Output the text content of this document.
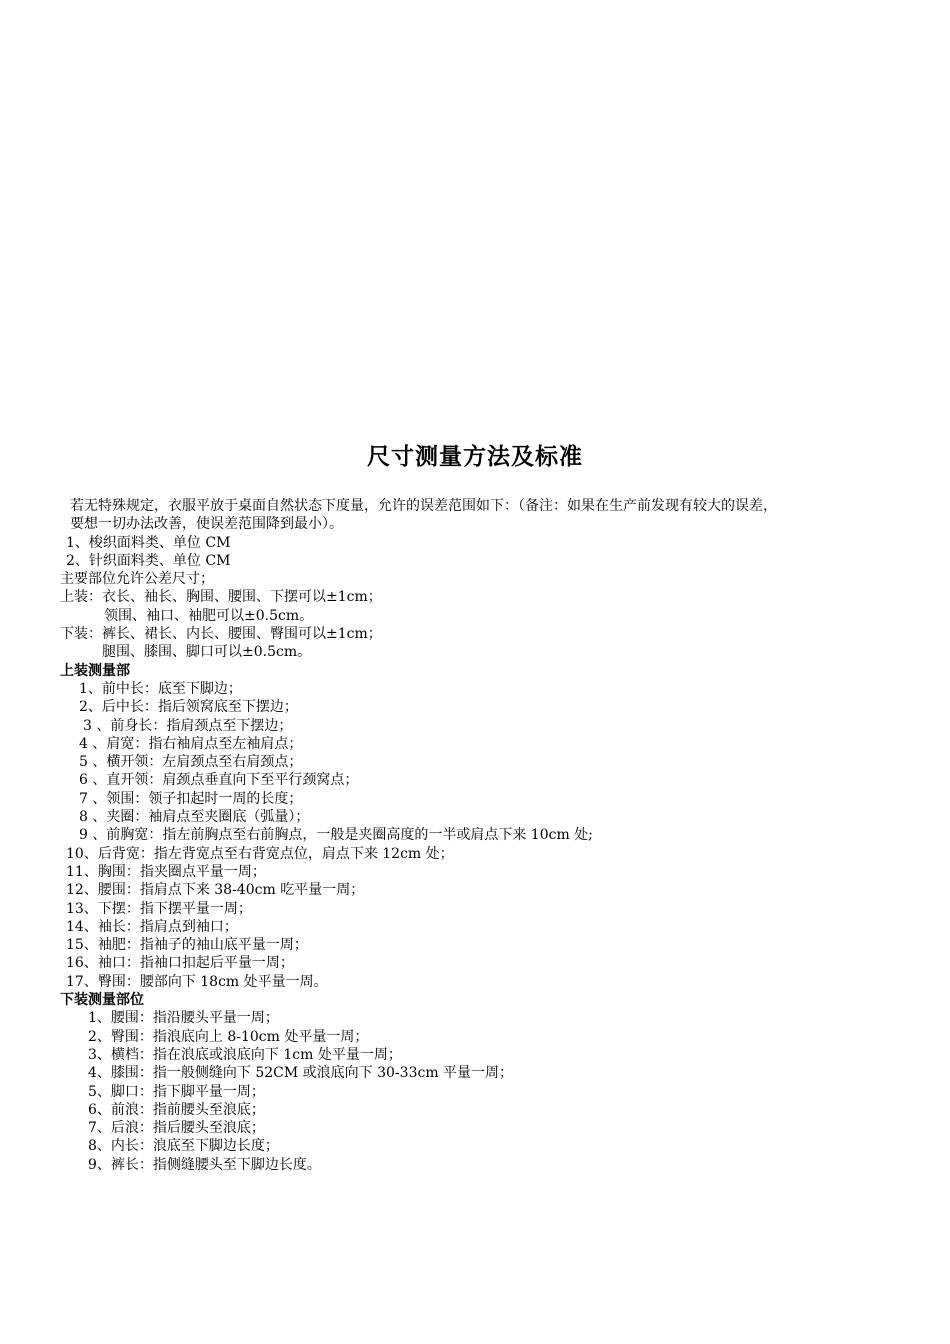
尺寸测量方法及标准
若无特殊规定，衣服平放于桌面自然状态下度量，允许的误差范围如下：（备注：如果在生产前发现有较大的误差，
要想一切办法改善，使误差范围降到最小）。
1、梭织面料类、单位 CM
2、针织面料类、单位 CM
主要部位允许公差尺寸；
上装：衣长、袖长、胸围、腰围、下摆可以±1cm；
领围、袖口、袖肥可以±0.5cm。
下装：裤长、裙长、内长、腰围、臀围可以±1cm；
腿围、膝围、脚口可以±0.5cm。
上装测量部
1、前中长：底至下脚边；
2、后中长：指后领窝底至下摆边；
3 、前身长：指肩颈点至下摆边；
4 、肩宽：指右袖肩点至左袖肩点；
5 、横开领：左肩颈点至右肩颈点；
6 、直开领：肩颈点垂直向下至平行颈窝点；
7 、领围：领子扣起时一周的长度；
8 、夹圈：袖肩点至夹圈底（弧量）；
9 、前胸宽：指左前胸点至右前胸点，一般是夹圈高度的一半或肩点下来 10cm 处;
10、后背宽：指左背宽点至右背宽点位，肩点下来 12cm 处；
11、胸围：指夹圈点平量一周；
12、腰围：指肩点下来 38-40cm 吃平量一周；
13、下摆：指下摆平量一周；
14、袖长：指肩点到袖口；
15、袖肥：指袖子的袖山底平量一周；
16、袖口：指袖口扣起后平量一周；
17、臀围：腰部向下 18cm 处平量一周。
下装测量部位
1、腰围：指沿腰头平量一周；
2、臀围：指浪底向上 8-10cm 处平量一周；
3、横档：指在浪底或浪底向下 1cm 处平量一周；
4、膝围：指一般侧缝向下 52CM 或浪底向下 30-33cm 平量一周；
5、脚口：指下脚平量一周；
6、前浪：指前腰头至浪底；
7、后浪：指后腰头至浪底；
8、内长：浪底至下脚边长度；
9、裤长：指侧缝腰头至下脚边长度。
